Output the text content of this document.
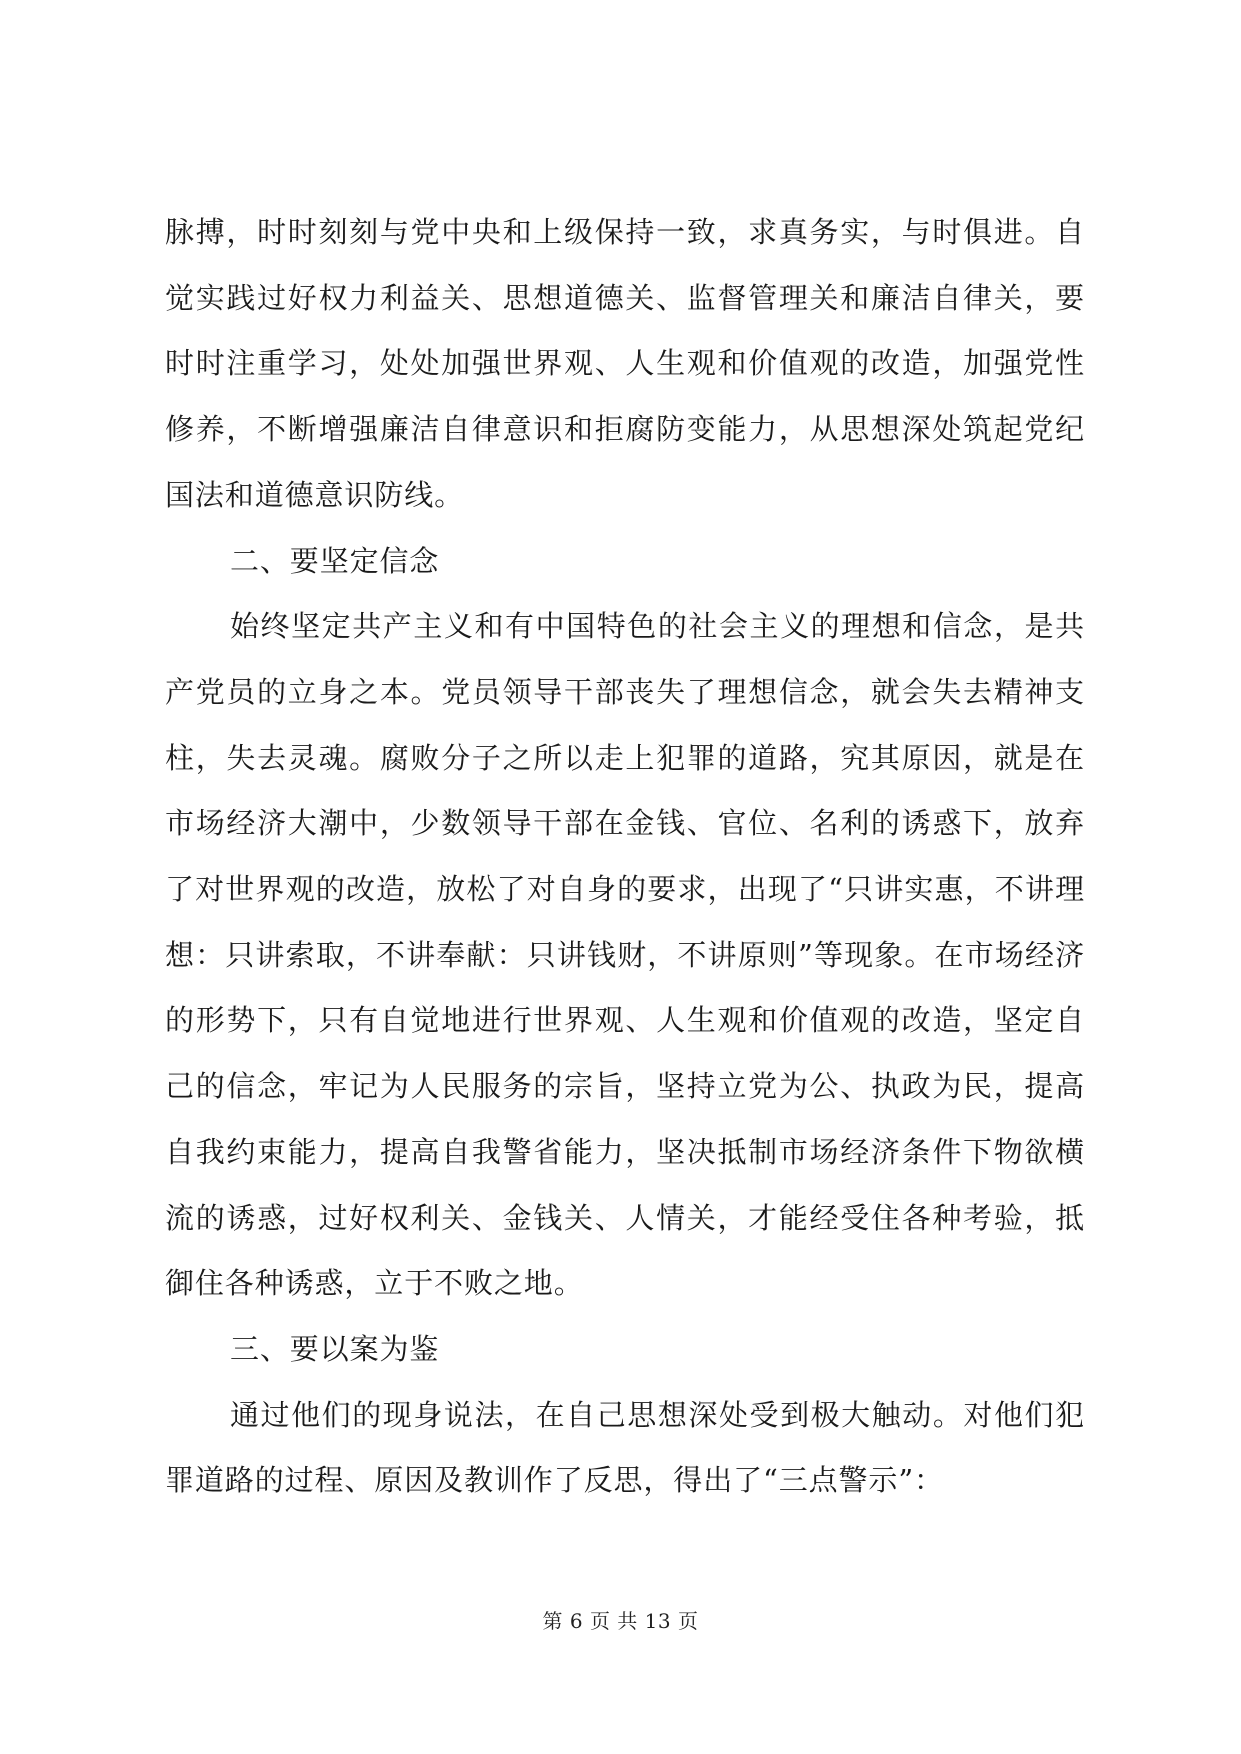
脉搏，时时刻刻与党中央和上级保持一致，求真务实，与时俱进。自觉实践过好权力利益关、思想道德关、监督管理关和廉洁自律关，要时时注重学习，处处加强世界观、人生观和价值观的改造，加强党性修养，不断增强廉洁自律意识和拒腐防变能力，从思想深处筑起党纪国法和道德意识防线。

二、要坚定信念

始终坚定共产主义和有中国特色的社会主义的理想和信念，是共产党员的立身之本。党员领导干部丧失了理想信念，就会失去精神支柱，失去灵魂。腐败分子之所以走上犯罪的道路，究其原因，就是在市场经济大潮中，少数领导干部在金钱、官位、名利的诱惑下，放弃了对世界观的改造，放松了对自身的要求，出现了“只讲实惠，不讲理想：只讲索取，不讲奉献：只讲钱财，不讲原则”等现象。在市场经济的形势下，只有自觉地进行世界观、人生观和价值观的改造，坚定自己的信念，牢记为人民服务的宗旨，坚持立党为公、执政为民，提高自我约束能力，提高自我警省能力，坚决抵制市场经济条件下物欲横流的诱惑，过好权利关、金钱关、人情关，才能经受住各种考验，抵御住各种诱惑，立于不败之地。

三、要以案为鉴

通过他们的现身说法，在自己思想深处受到极大触动。对他们犯罪道路的过程、原因及教训作了反思，得出了“三点警示”：

第 6 页 共 13 页
